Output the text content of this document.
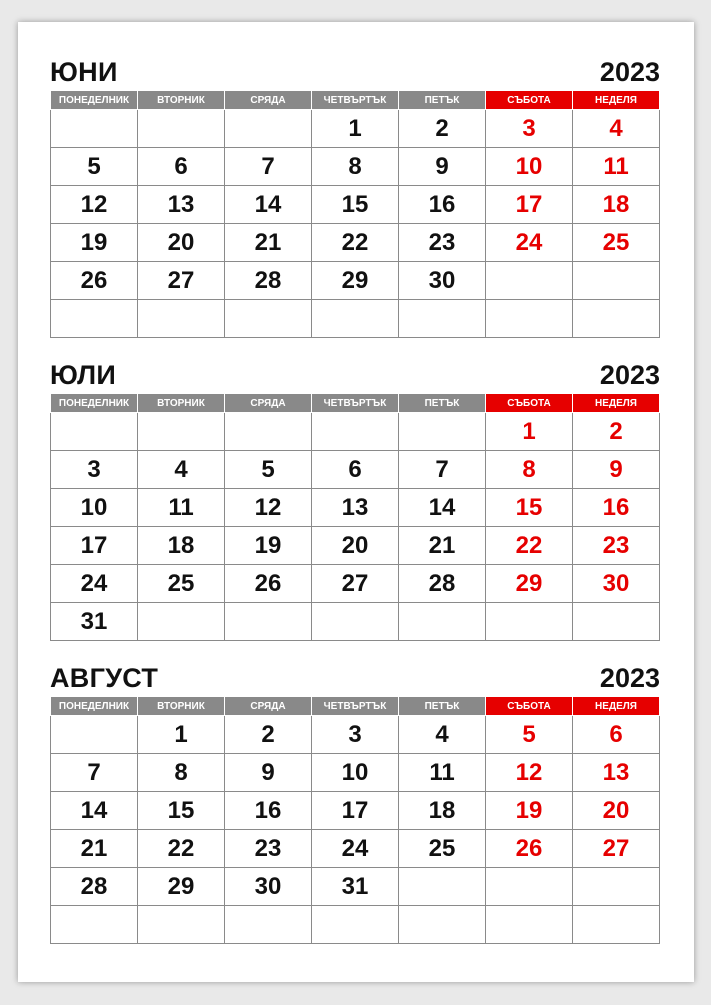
ЮНИ	2023
ПОНЕДЕЛНИК	ВТОРНИК	СРЯДА	ЧЕТВЪРТЪК	ПЕТЪК	СЪБОТА	НЕДЕЛЯ
			1	2	3	4
5	6	7	8	9	10	11
12	13	14	15	16	17	18
19	20	21	22	23	24	25
26	27	28	29	30		

ЮЛИ	2023
ПОНЕДЕЛНИК	ВТОРНИК	СРЯДА	ЧЕТВЪРТЪК	ПЕТЪК	СЪБОТА	НЕДЕЛЯ
					1	2
3	4	5	6	7	8	9
10	11	12	13	14	15	16
17	18	19	20	21	22	23
24	25	26	27	28	29	30
31						
АВГУСТ	2023
ПОНЕДЕЛНИК	ВТОРНИК	СРЯДА	ЧЕТВЪРТЪК	ПЕТЪК	СЪБОТА	НЕДЕЛЯ
	1	2	3	4	5	6
7	8	9	10	11	12	13
14	15	16	17	18	19	20
21	22	23	24	25	26	27
28	29	30	31			
